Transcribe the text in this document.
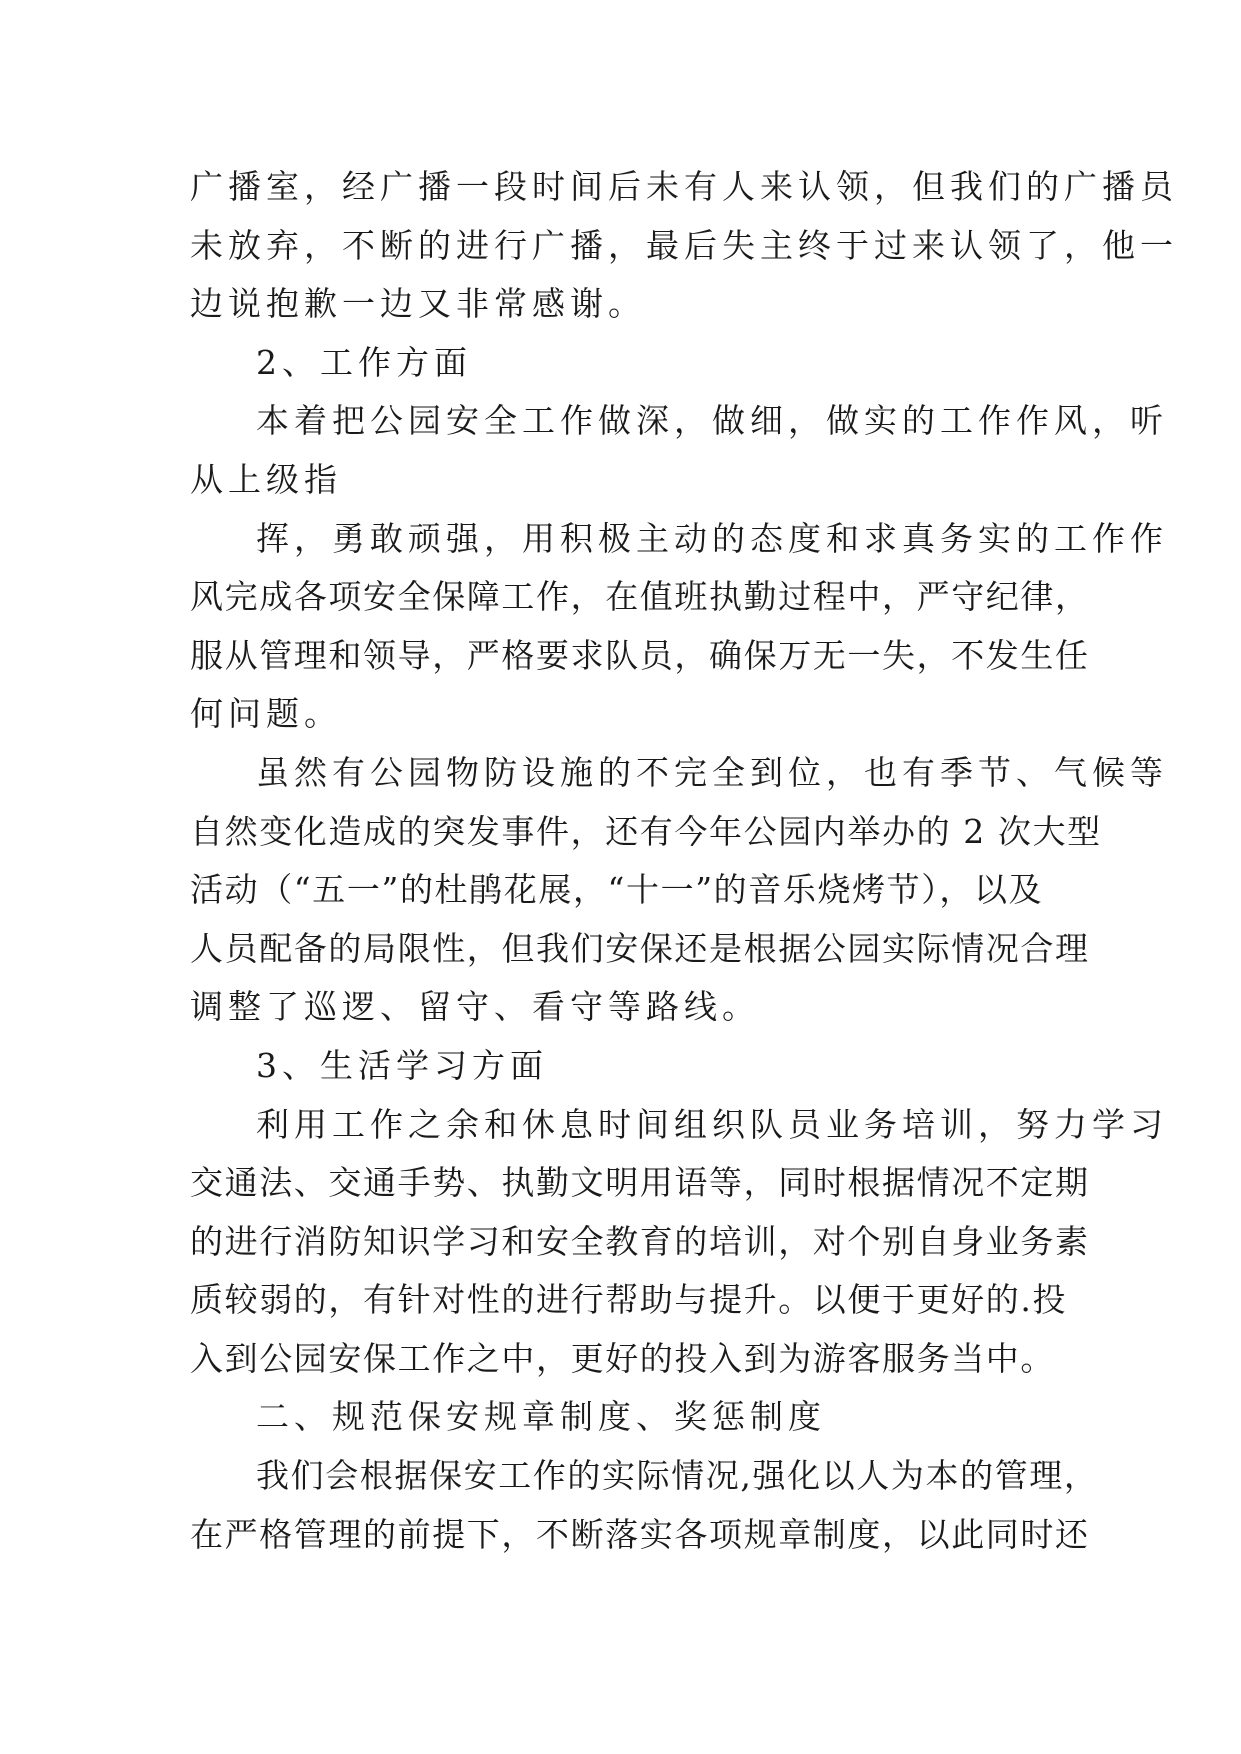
广播室，经广播一段时间后未有人来认领，但我们的广播员
未放弃，不断的进行广播，最后失主终于过来认领了，他一
边说抱歉一边又非常感谢。
2、工作方面
本着把公园安全工作做深，做细，做实的工作作风，听
从上级指
挥，勇敢顽强，用积极主动的态度和求真务实的工作作
风完成各项安全保障工作，在值班执勤过程中，严守纪律，
服从管理和领导，严格要求队员，确保万无一失，不发生任
何问题。
虽然有公园物防设施的不完全到位，也有季节、气候等
自然变化造成的突发事件，还有今年公园内举办的 2 次大型
活动（“五一”的杜鹃花展，“十一”的音乐烧烤节），以及
人员配备的局限性，但我们安保还是根据公园实际情况合理
调整了巡逻、留守、看守等路线。
3、生活学习方面
利用工作之余和休息时间组织队员业务培训，努力学习
交通法、交通手势、执勤文明用语等，同时根据情况不定期
的进行消防知识学习和安全教育的培训，对个别自身业务素
质较弱的，有针对性的进行帮助与提升。以便于更好的.投
入到公园安保工作之中，更好的投入到为游客服务当中。
二、规范保安规章制度、奖惩制度
我们会根据保安工作的实际情况,强化以人为本的管理，
在严格管理的前提下，不断落实各项规章制度，以此同时还
